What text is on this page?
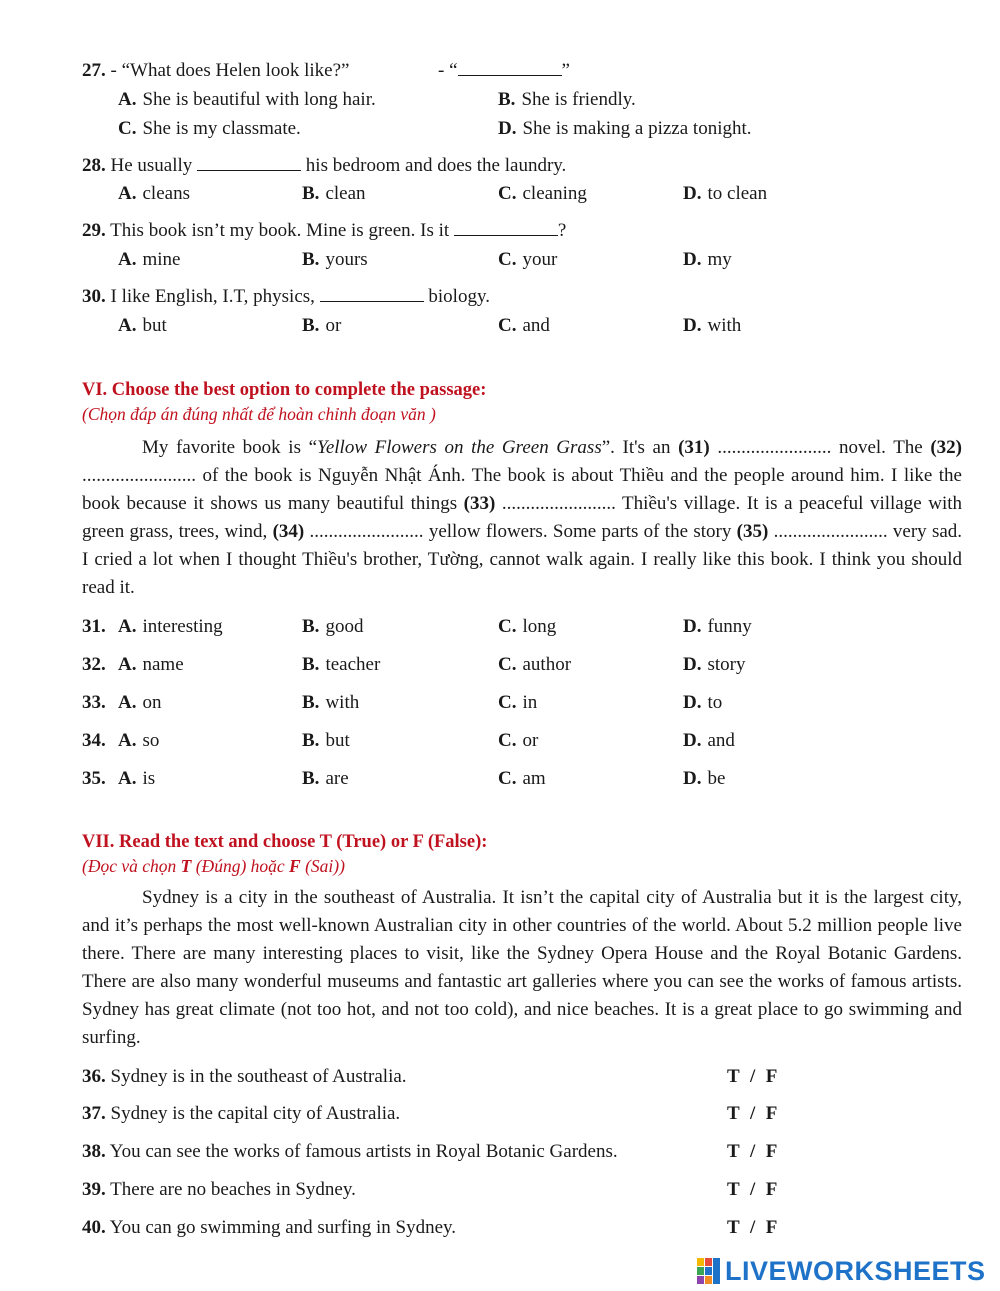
27. - “What does Helen look like?”	- “	”
A. She is beautiful with long hair.	B. She is friendly.
C. She is my classmate.	D. She is making a pizza tonight.
28. He usually	his bedroom and does the laundry.
A. cleans	B. clean	C. cleaning	D. to clean
29. This book isn’t my book. Mine is green. Is it	?
A. mine	B. yours	C. your	D. my
30. I like English, I.T, physics,	biology.
A. but	B. or	C. and	D. with
VI. Choose the best option to complete the passage:
(Chọn đáp án đúng nhất để hoàn chỉnh đoạn văn )

My favorite book is “Yellow Flowers on the Green Grass”. It's an (31) ........................ novel. The (32) ........................ of the book is Nguyễn Nhật Ánh. The book is about Thiều and the people around him. I like the book because it shows us many beautiful things (33) ........................ Thiều's village. It is a peaceful village with green grass, trees, wind, (34) ........................ yellow flowers. Some parts of the story (35) ........................ very sad. I cried a lot when I thought Thiều's brother, Tường, cannot walk again. I really like this book. I think you should read it.

31. A. interesting	B. good	C. long	D. funny
32. A. name	B. teacher	C. author	D. story
33. A. on	B. with	C. in	D. to
34. A. so	B. but	C. or	D. and
35. A. is	B. are	C. am	D. be
VII. Read the text and choose T (True) or F (False):
(Đọc và chọn T (Đúng) hoặc F (Sai))

Sydney is a city in the southeast of Australia. It isn’t the capital city of Australia but it is the largest city, and it’s perhaps the most well-known Australian city in other countries of the world. About 5.2 million people live there. There are many interesting places to visit, like the Sydney Opera House and the Royal Botanic Gardens. There are also many wonderful museums and fantastic art galleries where you can see the works of famous artists. Sydney has great climate (not too hot, and not too cold), and nice beaches. It is a great place to go swimming and surfing.

36. Sydney is in the southeast of Australia.	T / F
37. Sydney is the capital city of Australia.	T / F
38. You can see the works of famous artists in Royal Botanic Gardens.	T / F
39. There are no beaches in Sydney.	T / F
40. You can go swimming and surfing in Sydney.	T / F
LIVEWORKSHEETS
